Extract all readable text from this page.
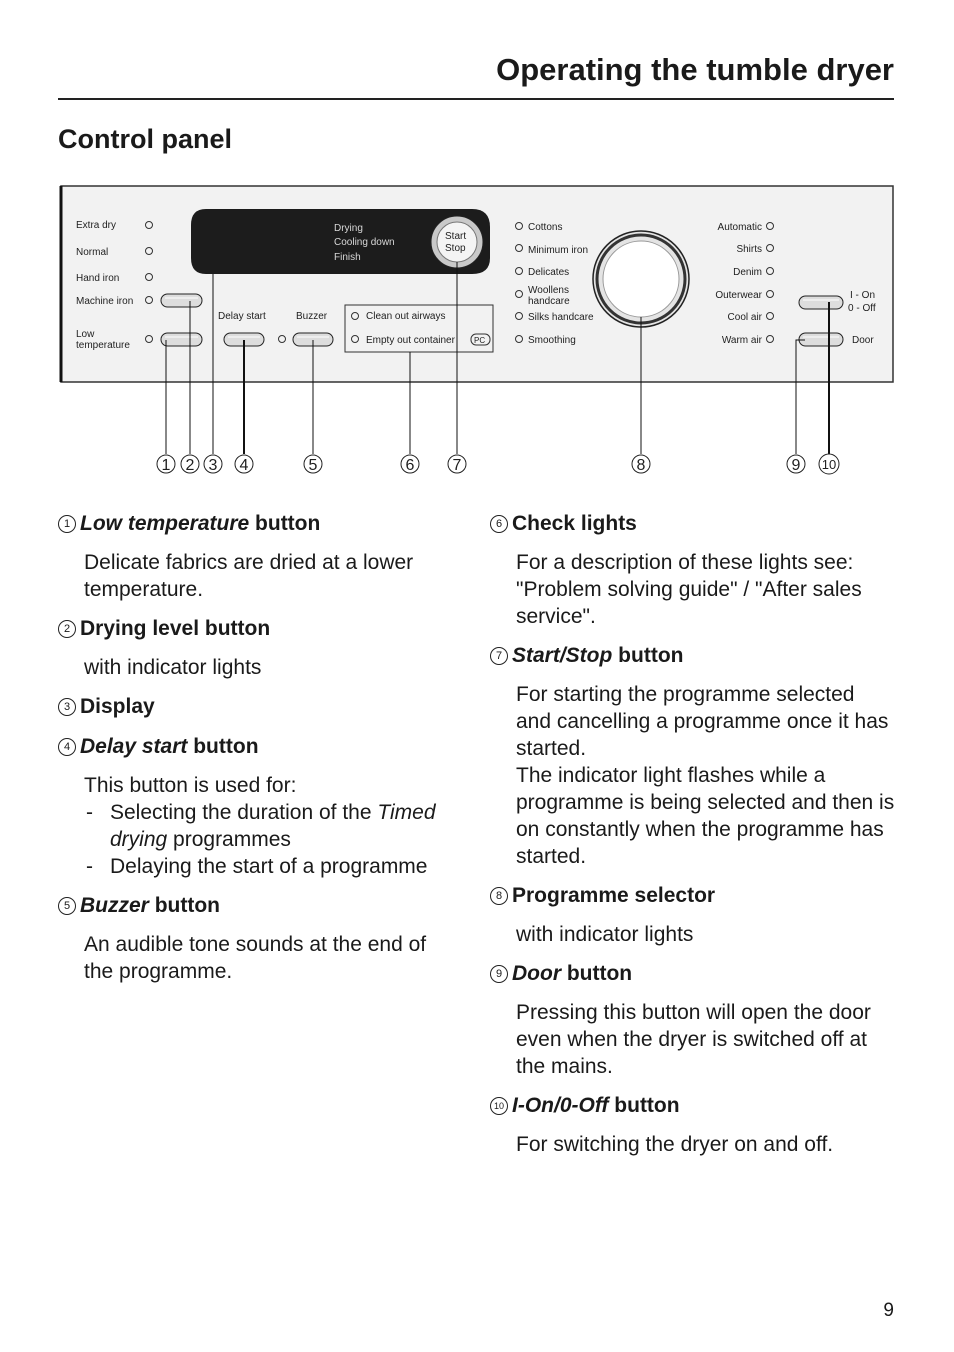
Operating the tumble dryer
Control panel
Extra dry
Normal
Hand iron
Machine iron
Low
temperature
Drying
Cooling down
Finish
Start
Stop
Delay start	Buzzer	Clean out airways
Empty out container PC
Cottons
Minimum iron
Delicates
Woollens
handcare
Silks handcare
Smoothing
Automatic
Shirts
Denim
Outerwear
Cool air
Warm air
I - On
0 - Off
Door
1 2 3 4	5	6 7	8	9 10
1 Low temperature button

Delicate fabrics are dried at a lower temperature.

2 Drying level button

with indicator lights

3 Display
4 Delay start button

This button is used for:

- Selecting the duration of the Timed drying programmes
- Delaying the start of a programme
5 Buzzer button

An audible tone sounds at the end of the programme.

6 Check lights

For a description of these lights see: "Problem solving guide" / "After sales service".

7 Start/Stop button

For starting the programme selected and cancelling a programme once it has started.

The indicator light flashes while a programme is being selected and then is on constantly when the programme has started.

8 Programme selector

with indicator lights

9 Door button

Pressing this button will open the door even when the dryer is switched off at the mains.

10 I-On/0-Off button

For switching the dryer on and off.

9
